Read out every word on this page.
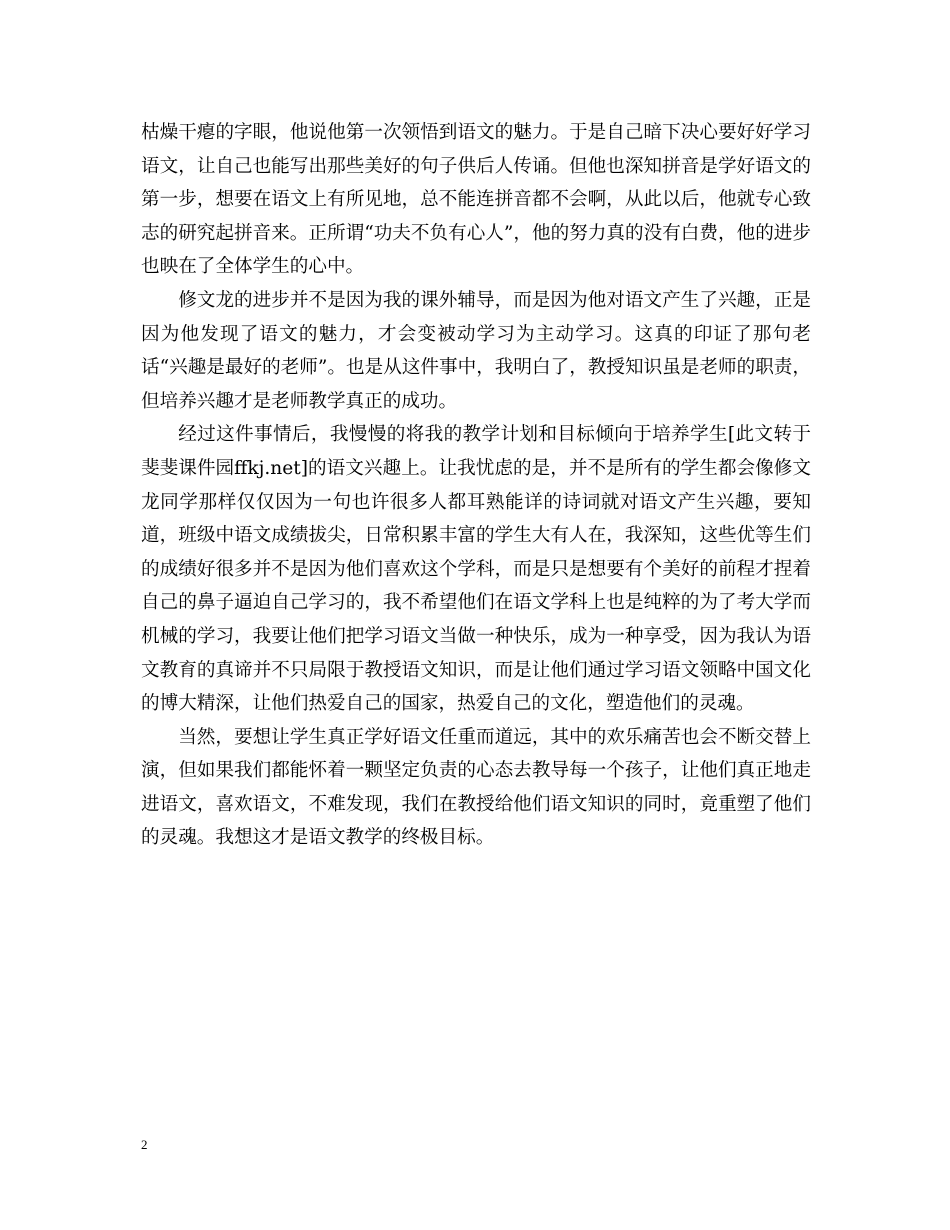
枯燥干瘪的字眼，他说他第一次领悟到语文的魅力。于是自己暗下决心要好好学习语文，让自己也能写出那些美好的句子供后人传诵。但他也深知拼音是学好语文的第一步，想要在语文上有所见地，总不能连拼音都不会啊，从此以后，他就专心致志的研究起拼音来。正所谓“功夫不负有心人”，他的努力真的没有白费，他的进步也映在了全体学生的心中。

修文龙的进步并不是因为我的课外辅导，而是因为他对语文产生了兴趣，正是因为他发现了语文的魅力，才会变被动学习为主动学习。这真的印证了那句老话“兴趣是最好的老师”。也是从这件事中，我明白了，教授知识虽是老师的职责，但培养兴趣才是老师教学真正的成功。

经过这件事情后，我慢慢的将我的教学计划和目标倾向于培养学生[此文转于斐斐课件园ffkj.net]的语文兴趣上。让我忧虑的是，并不是所有的学生都会像修文龙同学那样仅仅因为一句也许很多人都耳熟能详的诗词就对语文产生兴趣，要知道，班级中语文成绩拔尖，日常积累丰富的学生大有人在，我深知，这些优等生们的成绩好很多并不是因为他们喜欢这个学科，而是只是想要有个美好的前程才捏着自己的鼻子逼迫自己学习的，我不希望他们在语文学科上也是纯粹的为了考大学而机械的学习，我要让他们把学习语文当做一种快乐，成为一种享受，因为我认为语文教育的真谛并不只局限于教授语文知识，而是让他们通过学习语文领略中国文化的博大精深，让他们热爱自己的国家，热爱自己的文化，塑造他们的灵魂。

当然，要想让学生真正学好语文任重而道远，其中的欢乐痛苦也会不断交替上演，但如果我们都能怀着一颗坚定负责的心态去教导每一个孩子，让他们真正地走进语文，喜欢语文，不难发现，我们在教授给他们语文知识的同时，竟重塑了他们的灵魂。我想这才是语文教学的终极目标。

2
